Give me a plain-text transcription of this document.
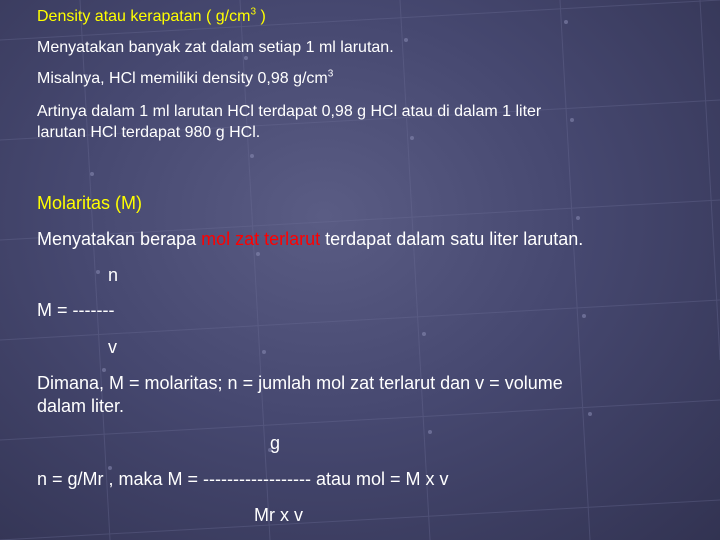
Density atau kerapatan ( $g/cm^3$ )
Menyatakan banyak zat dalam setiap 1 ml larutan.
Misalnya, HCl memiliki density 0,98 $g/cm^3$
Artinya dalam 1 ml larutan HCl terdapat 0,98 g HCl atau di dalam 1 liter
larutan HCl terdapat 980 g HCl.
Molaritas (M)
Menyatakan berapa mol zat terlarut terdapat dalam satu liter larutan.
n
M = -------
v
Dimana, M = molaritas; n = jumlah mol zat terlarut dan v = volume
dalam liter.
g
n = g/Mr , maka M = ------------------ atau mol = M x v
Mr x v
